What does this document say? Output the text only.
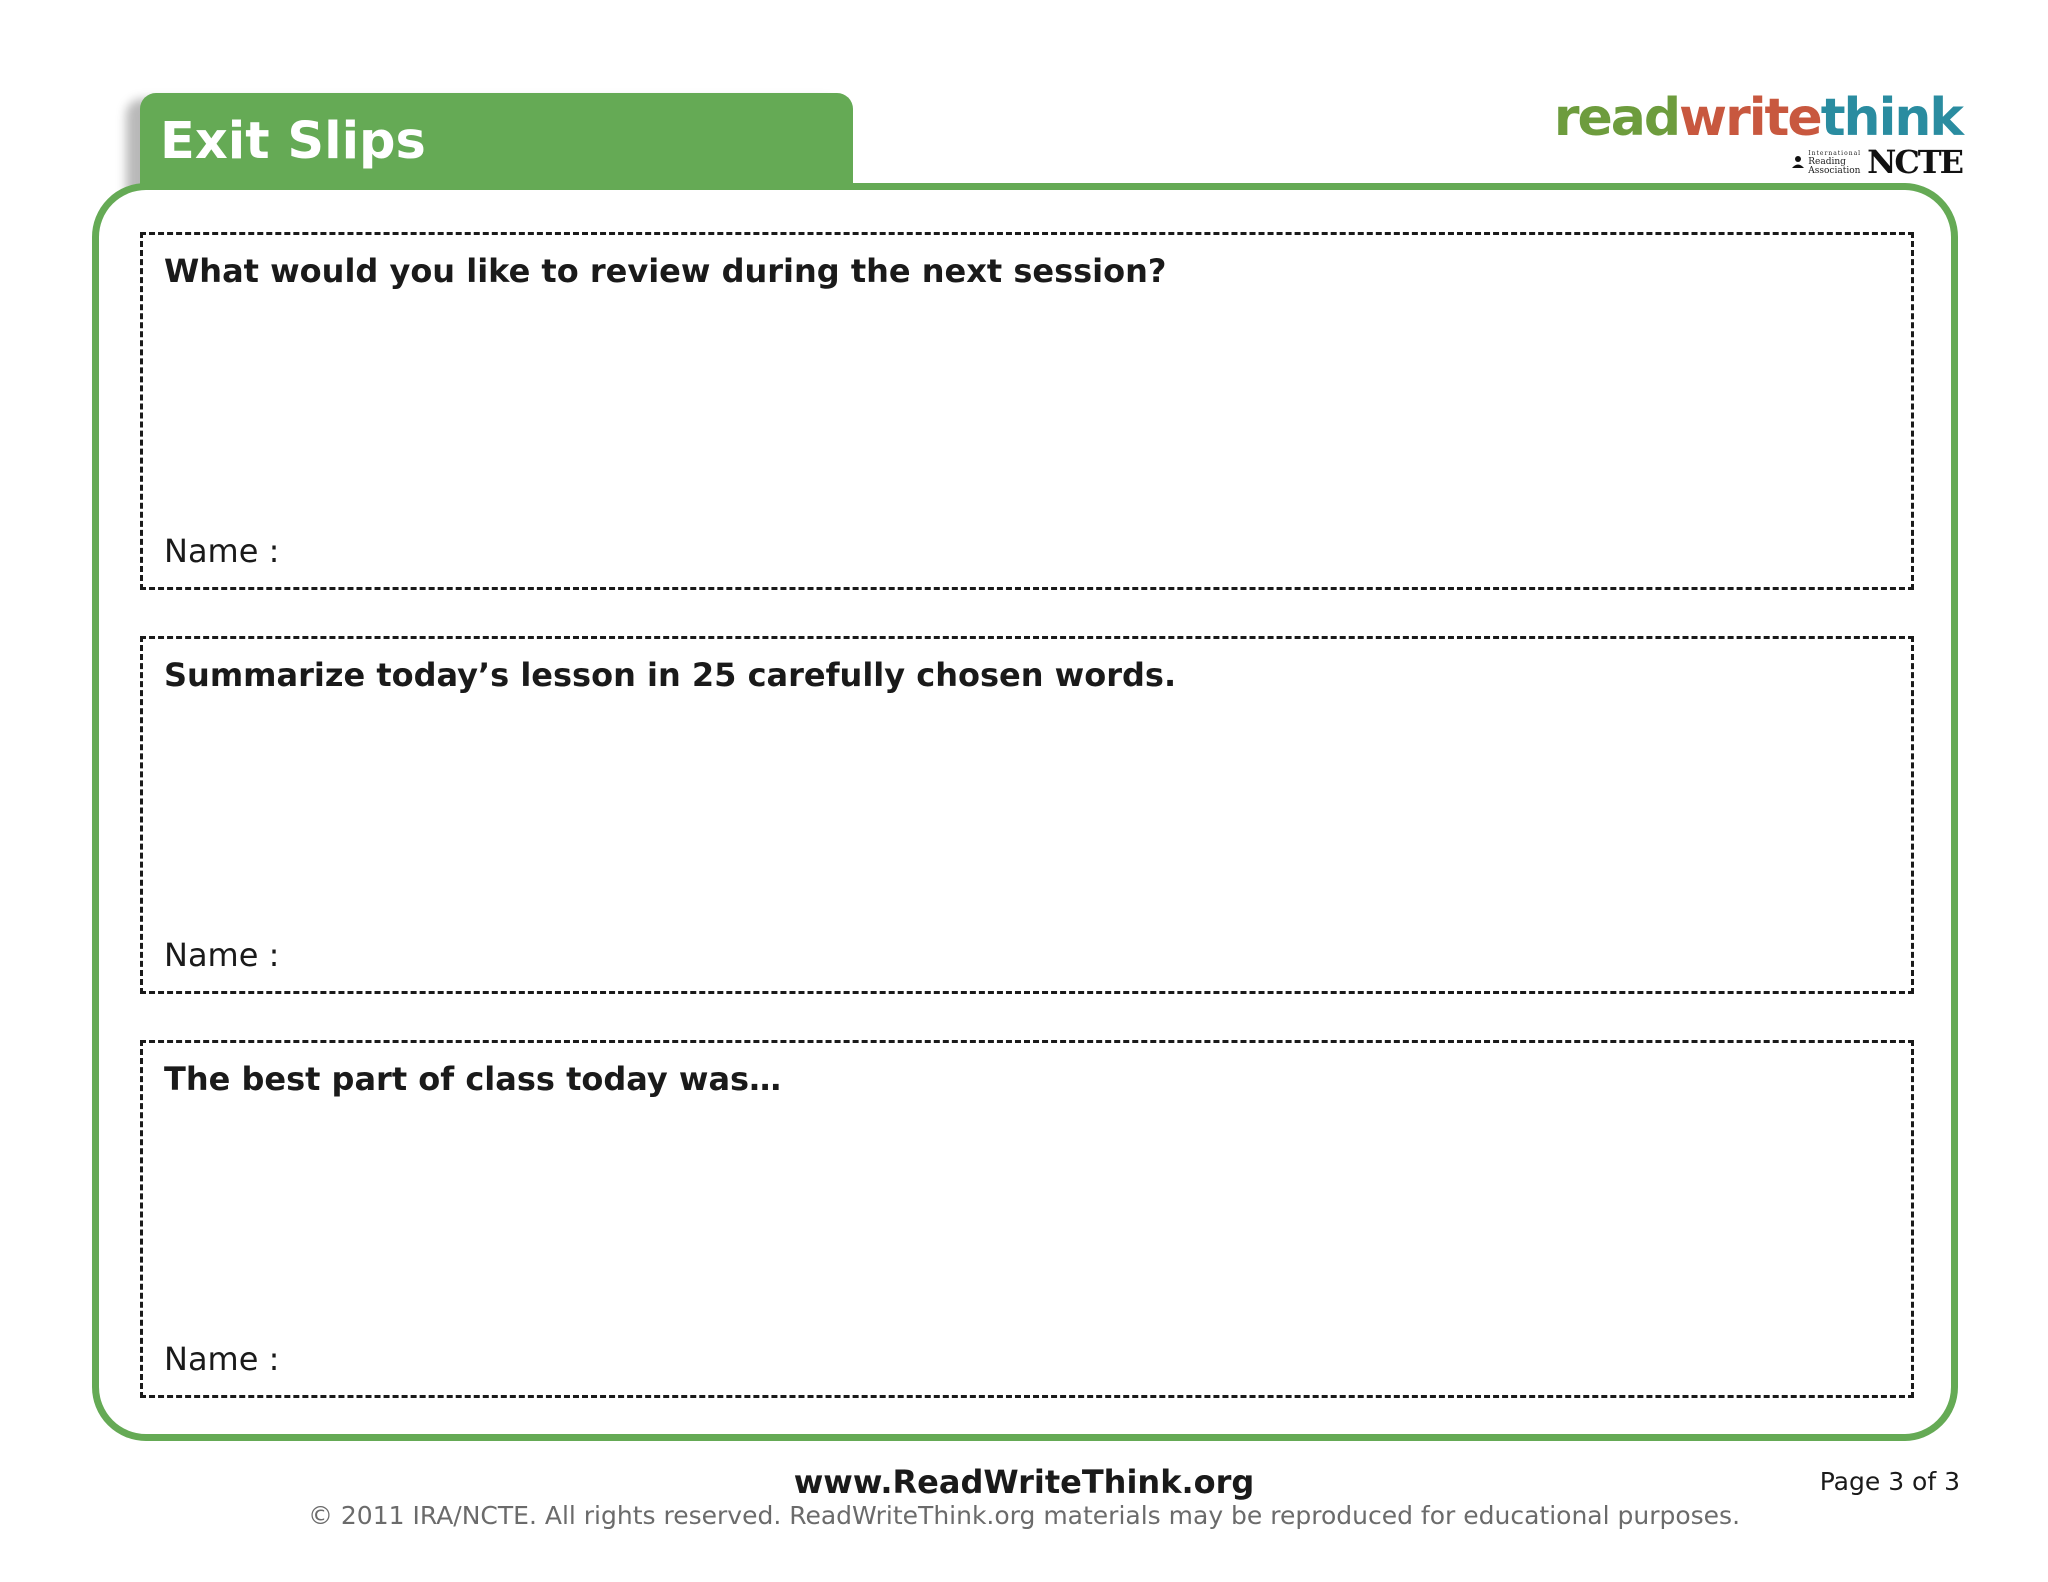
Exit Slips	readwritethink
International
Reading
Association NCTE
What would you like to review during the next session?
Name :
Summarize today’s lesson in 25 carefully chosen words.
Name :
The best part of class today was…
Name :
www.ReadWriteThink.org	Page 3 of 3
© 2011 IRA/NCTE. All rights reserved. ReadWriteThink.org materials may be reproduced for educational purposes.
